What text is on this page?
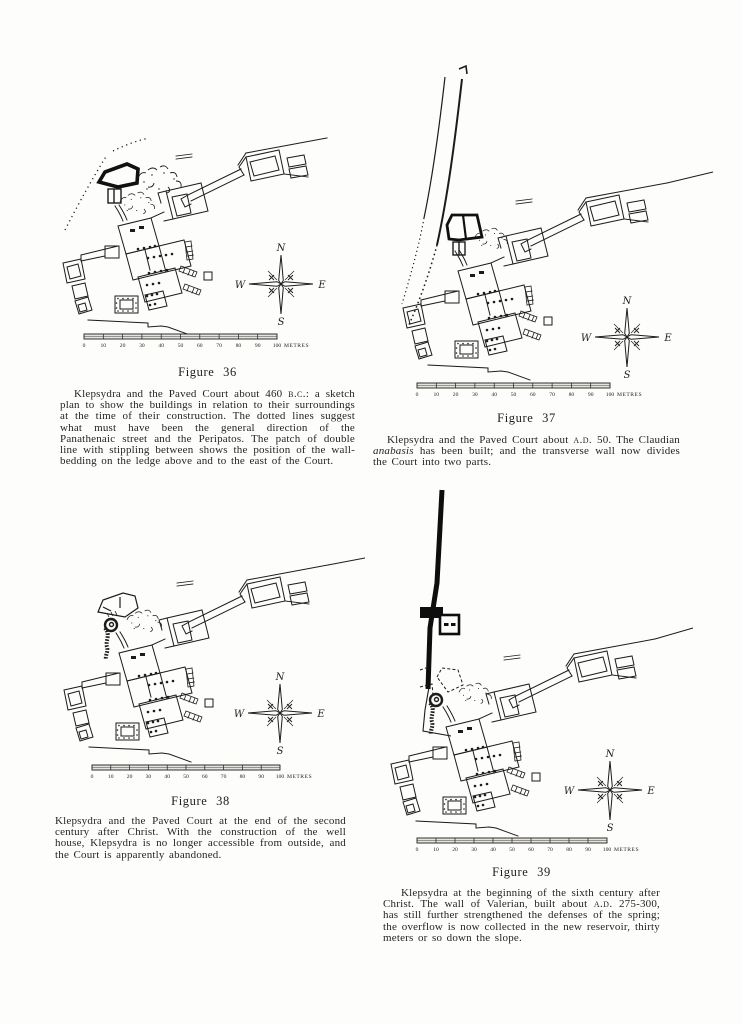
N
S
W	E
0	10 20 30 40 50 60 70 80 90 100 METRES
N
S
W	E
0	10 20 30 40 50 60 70 80 90 100 METRES
N
S
W	E
0	10 20 30 40 50 60 70 80 90 100 METRES
N
S
W	E
0	10 20 30 40 50 60 70 80 90 100 METRES
Figure 36
Klepsydra and the Paved Court about 460 b.c.: a sketch plan to show the buildings in relation to their surroundings at the time of their construction. The dotted lines suggest what must have been the general direction of the Panathenaic street and the Peripatos. The patch of double line with stippling between shows the position of the wall-bedding on the ledge above and to the east of the Court.
Figure 37
Klepsydra and the Paved Court about a.d. 50. The Claudian anabasis has been built; and the transverse wall now divides the Court into two parts.
Figure 38
Klepsydra and the Paved Court at the end of the second century after Christ. With the construction of the well house, Klepsydra is no longer accessible from outside, and the Court is apparently abandoned.
Figure 39
Klepsydra at the beginning of the sixth century after Christ. The wall of Valerian, built about a.d. 275-300, has still further strengthened the defenses of the spring; the overflow is now collected in the new reservoir, thirty meters or so down the slope.
